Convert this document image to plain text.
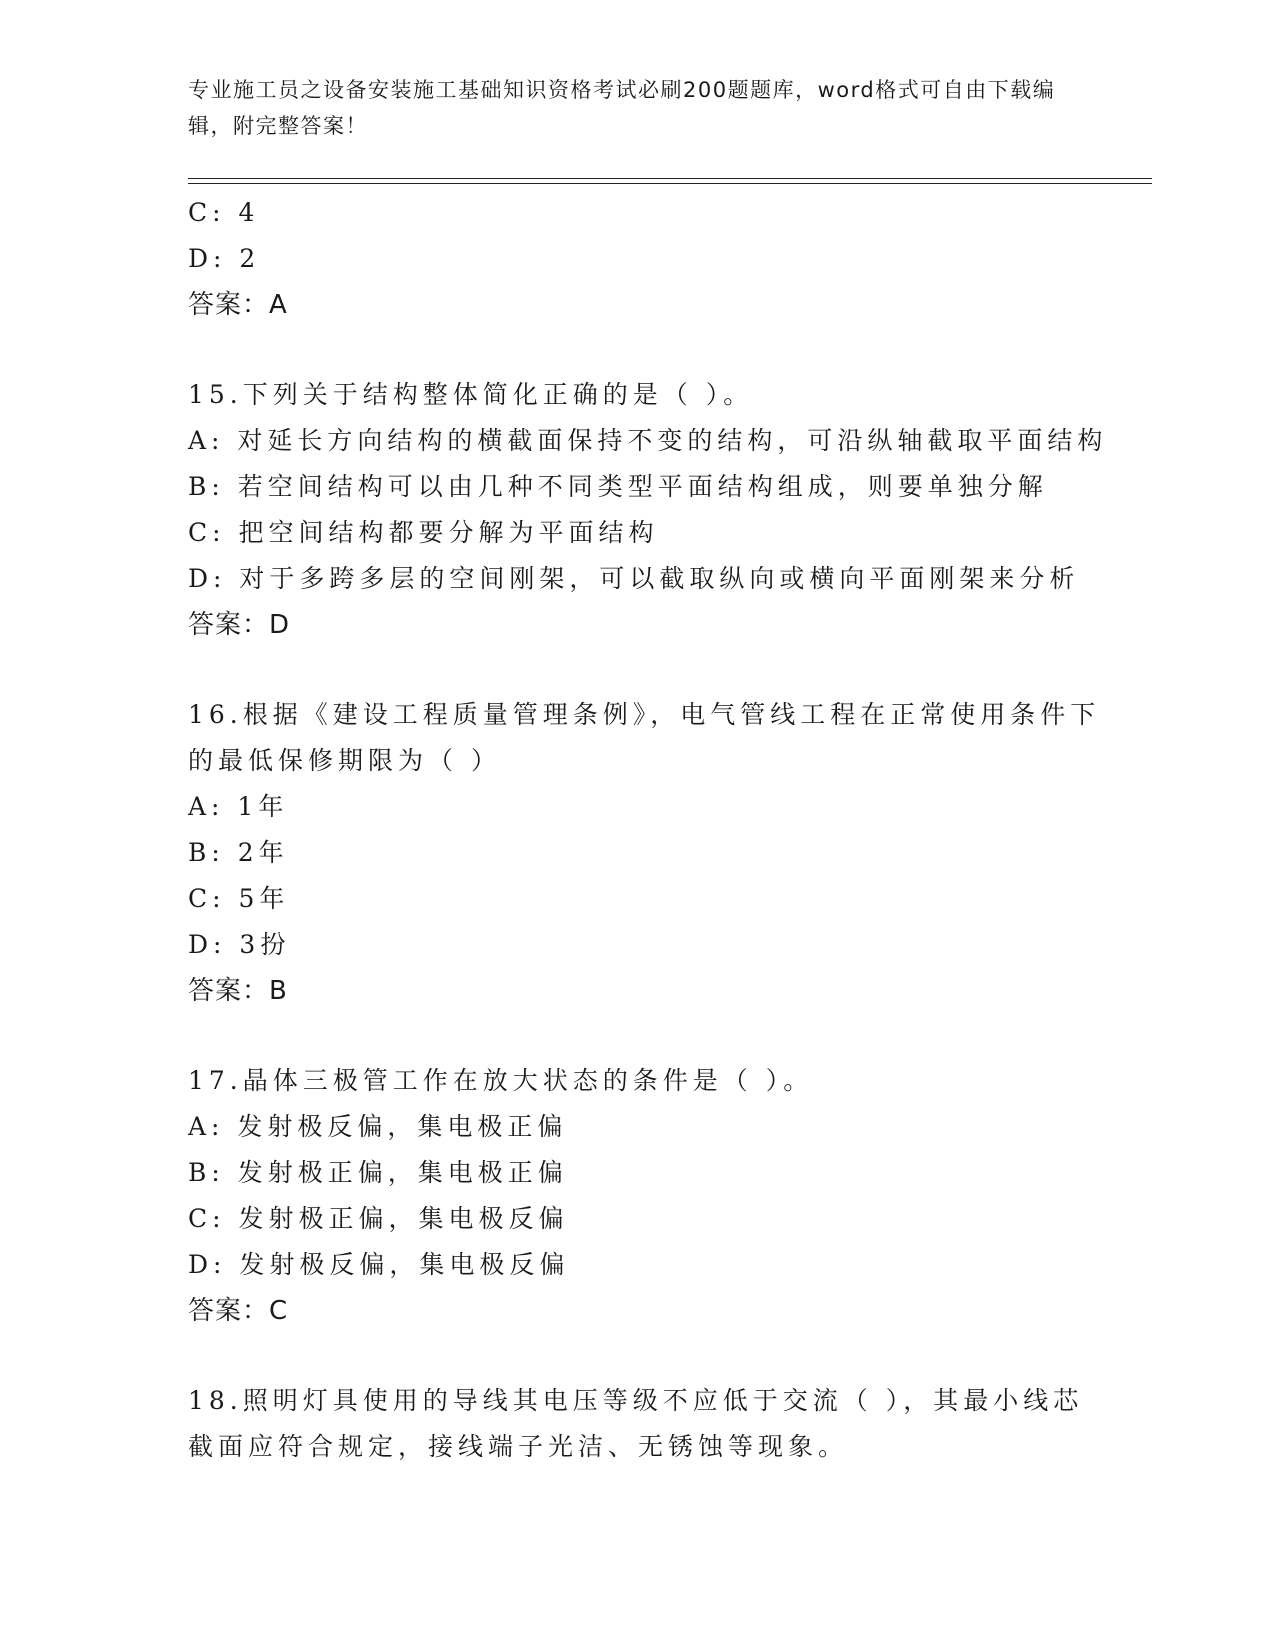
专业施工员之设备安装施工基础知识资格考试必刷200题题库，word格式可自由下载编辑，附完整答案！
C: 4
D: 2
答案：A
15.下列关于结构整体简化正确的是（ ）。
A: 对延长方向结构的横截面保持不变的结构，可沿纵轴截取平面结构
B: 若空间结构可以由几种不同类型平面结构组成，则要单独分解
C: 把空间结构都要分解为平面结构
D: 对于多跨多层的空间刚架，可以截取纵向或横向平面刚架来分析
答案：D
16.根据《建设工程质量管理条例》，电气管线工程在正常使用条件下
的最低保修期限为（ ）
A: 1年
B: 2年
C: 5年
D: 3扮
答案：B
17.晶体三极管工作在放大状态的条件是（ ）。
A: 发射极反偏，集电极正偏
B: 发射极正偏，集电极正偏
C: 发射极正偏，集电极反偏
D: 发射极反偏，集电极反偏
答案：C
18.照明灯具使用的导线其电压等级不应低于交流（ ），其最小线芯
截面应符合规定，接线端子光洁、无锈蚀等现象。
